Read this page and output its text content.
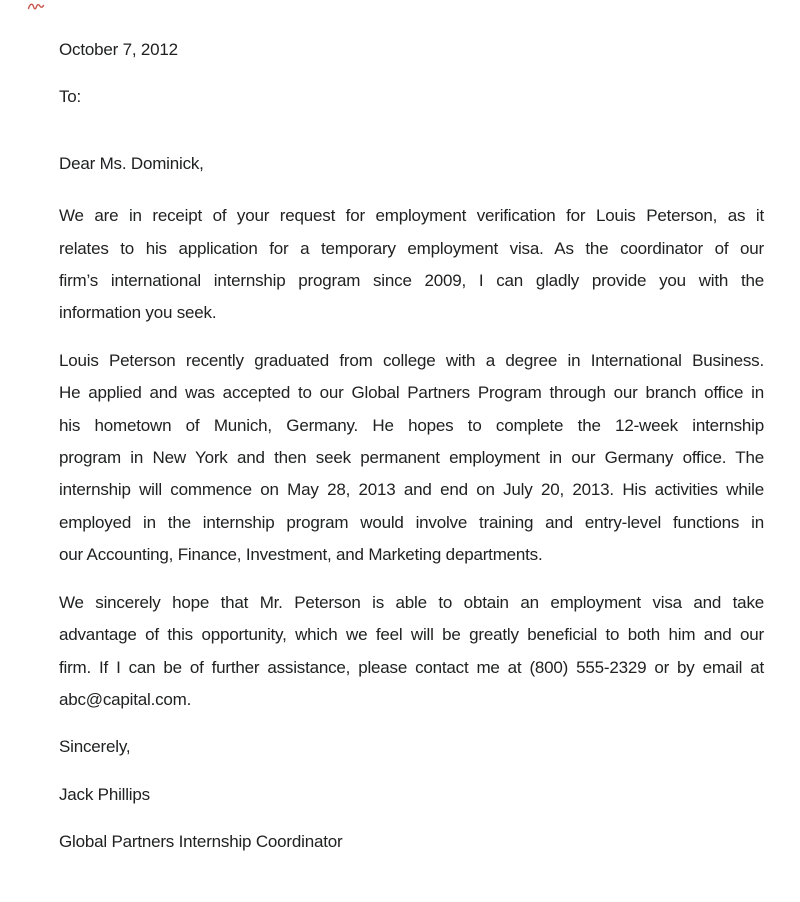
October 7, 2012
To:
Dear Ms. Dominick,
We are in receipt of your request for employment verification for Louis Peterson, as it
relates to his application for a temporary employment visa. As the coordinator of our
firm’s international internship program since 2009, I can gladly provide you with the
information you seek.
Louis Peterson recently graduated from college with a degree in International Business.
He applied and was accepted to our Global Partners Program through our branch office in
his hometown of Munich, Germany. He hopes to complete the 12-week internship
program in New York and then seek permanent employment in our Germany office. The
internship will commence on May 28, 2013 and end on July 20, 2013. His activities while
employed in the internship program would involve training and entry-level functions in
our Accounting, Finance, Investment, and Marketing departments.
We sincerely hope that Mr. Peterson is able to obtain an employment visa and take
advantage of this opportunity, which we feel will be greatly beneficial to both him and our
firm. If I can be of further assistance, please contact me at (800) 555-2329 or by email at
abc@capital.com.
Sincerely,
Jack Phillips
Global Partners Internship Coordinator
